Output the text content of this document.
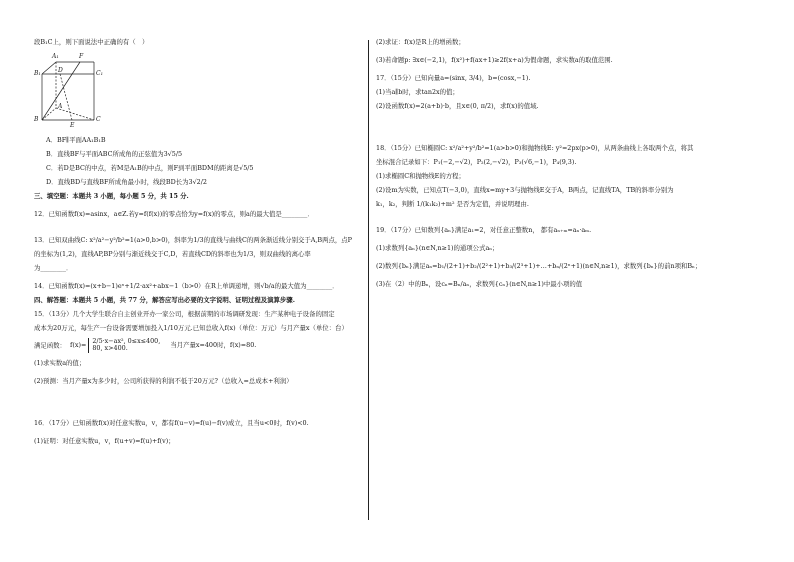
段B₁C上，则下面说法中正确的有（　）
A₁	F
D
B₁	C₁
C
A
B
E
A．BF∥平面AA₁B₁B
B．直线BF与平面ABC所成角的正弦值为3√5/5
C．若D是BC的中点，若M是A₁B的中点，则F到平面BDM的距离是√5/5
D．直线BD与直线BF所成角最小时，线段BD长为3√2/2
三、填空题：本题共 3 小题，每小题 5 分，共 15 分.
12．已知函数f(x)=asinx，a∈Z.若y=f(f(x))的零点恰为y=f(x)的零点，则a的最大值是________．
13．已知双曲线C: x²/a²−y²/b²=1(a>0,b>0)，斜率为1/3的直线与曲线C的两条渐近线分别交于A,B两点，点P
的坐标为(1,2)，直线AP,BP分别与渐近线交于C,D，若直线CD的斜率也为1/3，则双曲线的离心率
为________．
14．已知函数f(x)=(x+b−1)eˣ+1/2·ax²+abx−1（b>0）在R上单调递增，则√b/a的最大值为________．
四、解答题：本题共 5 小题，共 77 分，解答应写出必要的文字说明、证明过程及演算步骤.
15．（13分）几个大学生联合自主创业开办一家公司，根据前期的市场调研发现：生产某种电子设备的固定
成本为20万元，每生产一台设备需要增加投入1/10万元.已知总收入f(x)（单位：万元）与月产量x（单位：台）
满足函数： f(x)=
2/5·x−ax², 0≤x≤400,
80, x>400.	当月产量x=400时，f(x)=80.
(1)求实数a的值；
(2)预测：当月产量x为多少时，公司所获得的利润不低于20万元?（总收入=总成本+利润）
16．（17分）已知函数f(x)对任意实数u，v，都有f(u−v)=f(u)−f(v)成立，且当u<0时，f(v)<0.
(1)证明：对任意实数u，v，f(u+v)=f(u)+f(v)；
(2)求证：f(x)是R上的增函数；
(3)若命题p: ∃x∈(−2,1)，f(x²)+f(ax+1)≥2f(x+a)为假命题，求实数a的取值范围.
17．（15分）已知向量a=(sinx, 3/4)，b=(cosx,−1).
(1)当a∥b时，求tan2x的值；
(2)设函数f(x)=2(a+b)·b，且x∈(0, π/2)，求f(x)的值域.
18．（15分）已知椭圆C: x²/a²+y²/b²=1(a>b>0)和抛物线E: y²=2px(p>0)，从两条曲线上各取两个点，将其
坐标混合记录如下：P₁(−2,−√2)，P₂(2,−√2)，P₃(√6,−1)，P₄(9,3).
(1)求椭圆C和抛物线E的方程；
(2)设m为实数，已知点T(−3,0)，直线x=my+3与抛物线E交于A，B两点，记直线TA，TB的斜率分别为
k₁，k₂，判断 1/(k₁k₂)+m² 是否为定值，并说明理由.
19．（17分）已知数列{aₙ}满足a₁=2，对任意正整数n， 都有aₙ₊ₘ=aₙ·aₘ.
(1)求数列{aₙ}(n∈N,n≥1)的通项公式aₙ；
(2)数列{bₙ}满足aₙ=b₁/(2+1)+b₂/(2²+1)+b₃/(2³+1)+…+bₙ/(2ⁿ+1)(n∈N,n≥1)，求数列{bₙ}的前n项和Bₙ；
(3)在（2）中的Bₙ，设cₙ=Bₙ/aₙ，求数列{cₙ}(n∈N,n≥1)中最小项的值
